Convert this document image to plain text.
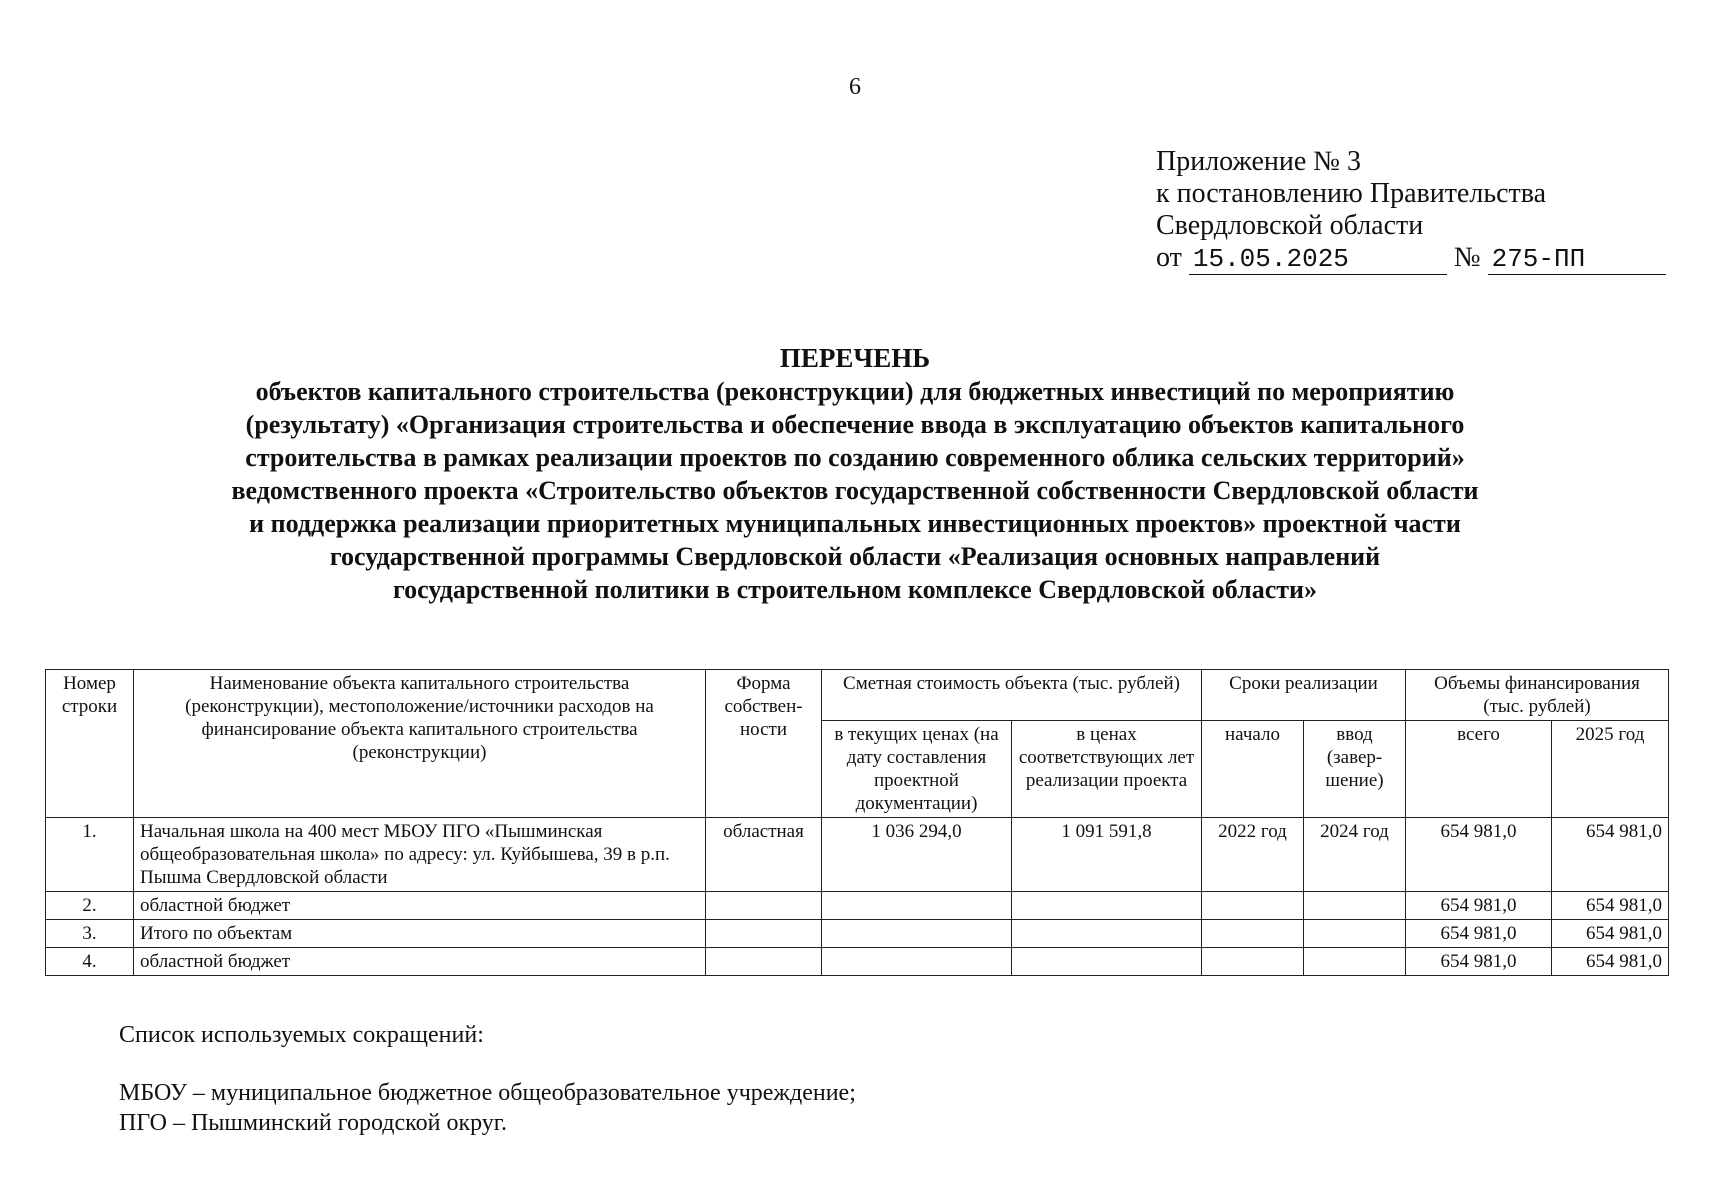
6
Приложение № 3
к постановлению Правительства
Свердловской области
от 15.05.2025	№ 275-ПП
ПЕРЕЧЕНЬ
объектов капитального строительства (реконструкции) для бюджетных инвестиций по мероприятию
(результату) «Организация строительства и обеспечение ввода в эксплуатацию объектов капитального
строительства в рамках реализации проектов по созданию современного облика сельских территорий»
ведомственного проекта «Строительство объектов государственной собственности Свердловской области
и поддержка реализации приоритетных муниципальных инвестиционных проектов» проектной части
государственной программы Свердловской области «Реализация основных направлений
государственной политики в строительном комплексе Свердловской области»
Номер строки	Наименование объекта капитального строительства (реконструкции), местоположение/источники расходов на финансирование объекта капитального строительства (реконструкции)	Форма собствен-ности	Сметная стоимость объекта (тыс. рублей)		Сроки реализации		Объемы финансирования (тыс. рублей)	
			в текущих ценах (на дату составления проектной документации)	в ценах соответствующих лет реализации проекта	начало	ввод (завер-шение)	всего	2025 год
1.	Начальная школа на 400 мест МБОУ ПГО «Пышминская общеобразовательная школа» по адресу: ул. Куйбышева, 39 в р.п. Пышма Свердловской области	областная	1 036 294,0	1 091 591,8	2022 год	2024 год	654 981,0	654 981,0
2.	областной бюджет						654 981,0	654 981,0
3.	Итого по объектам						654 981,0	654 981,0
4.	областной бюджет						654 981,0	654 981,0
Список используемых сокращений:
МБОУ – муниципальное бюджетное общеобразовательное учреждение;
ПГО – Пышминский городской округ.
